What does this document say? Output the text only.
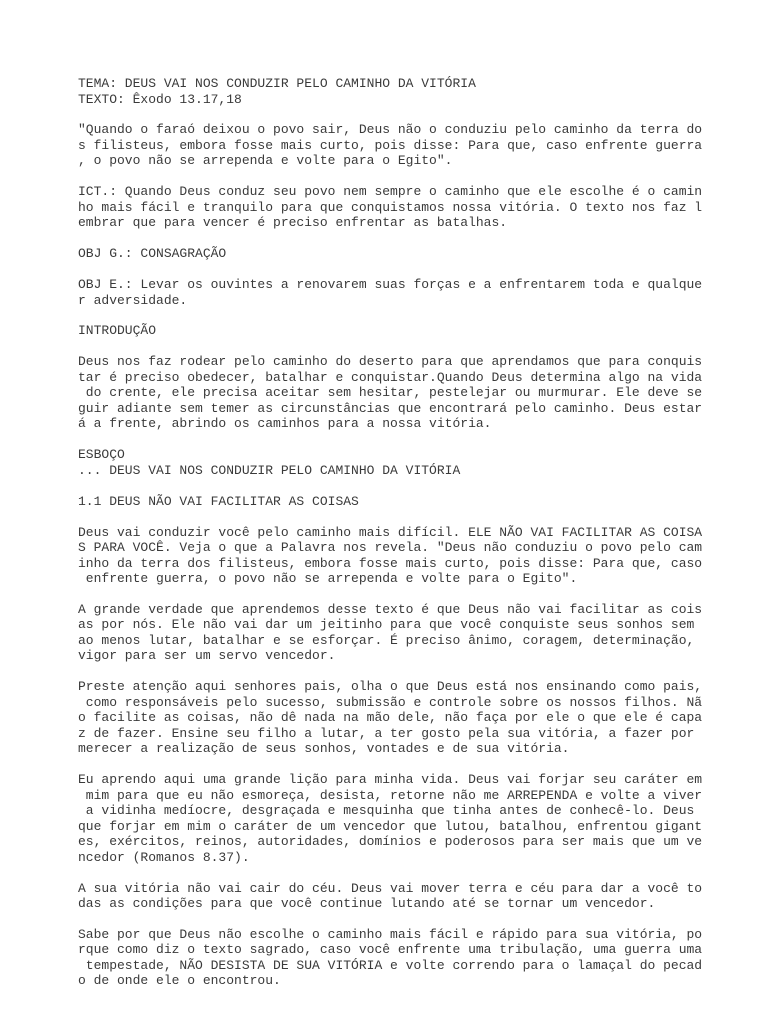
TEMA: DEUS VAI NOS CONDUZIR PELO CAMINHO DA VITÓRIA
TEXTO: Êxodo 13.17,18
"Quando o faraó deixou o povo sair, Deus não o conduziu pelo caminho da terra do
s filisteus, embora fosse mais curto, pois disse: Para que, caso enfrente guerra
, o povo não se arrependa e volte para o Egito".
ICT.: Quando Deus conduz seu povo nem sempre o caminho que ele escolhe é o camin
ho mais fácil e tranquilo para que conquistamos nossa vitória. O texto nos faz l
embrar que para vencer é preciso enfrentar as batalhas.
OBJ G.: CONSAGRAÇÃO
OBJ E.: Levar os ouvintes a renovarem suas forças e a enfrentarem toda e qualque
r adversidade.
INTRODUÇÃO
Deus nos faz rodear pelo caminho do deserto para que aprendamos que para conquis
tar é preciso obedecer, batalhar e conquistar.Quando Deus determina algo na vida
do crente, ele precisa aceitar sem hesitar, pestelejar ou murmurar. Ele deve se
guir adiante sem temer as circunstâncias que encontrará pelo caminho. Deus estar
á a frente, abrindo os caminhos para a nossa vitória.
ESBOÇO
... DEUS VAI NOS CONDUZIR PELO CAMINHO DA VITÓRIA
1.1 DEUS NÃO VAI FACILITAR AS COISAS
Deus vai conduzir você pelo caminho mais difícil. ELE NÃO VAI FACILITAR AS COISA
S PARA VOCÊ. Veja o que a Palavra nos revela. "Deus não conduziu o povo pelo cam
inho da terra dos filisteus, embora fosse mais curto, pois disse: Para que, caso
enfrente guerra, o povo não se arrependa e volte para o Egito".
A grande verdade que aprendemos desse texto é que Deus não vai facilitar as cois
as por nós. Ele não vai dar um jeitinho para que você conquiste seus sonhos sem
ao menos lutar, batalhar e se esforçar. É preciso ânimo, coragem, determinação,
vigor para ser um servo vencedor.
Preste atenção aqui senhores pais, olha o que Deus está nos ensinando como pais,
como responsáveis pelo sucesso, submissão e controle sobre os nossos filhos. Nã
o facilite as coisas, não dê nada na mão dele, não faça por ele o que ele é capa
z de fazer. Ensine seu filho a lutar, a ter gosto pela sua vitória, a fazer por
merecer a realização de seus sonhos, vontades e de sua vitória.
Eu aprendo aqui uma grande lição para minha vida. Deus vai forjar seu caráter em
mim para que eu não esmoreça, desista, retorne não me ARREPENDA e volte a viver
a vidinha medíocre, desgraçada e mesquinha que tinha antes de conhecê-lo. Deus
que forjar em mim o caráter de um vencedor que lutou, batalhou, enfrentou gigant
es, exércitos, reinos, autoridades, domínios e poderosos para ser mais que um ve
ncedor (Romanos 8.37).
A sua vitória não vai cair do céu. Deus vai mover terra e céu para dar a você to
das as condições para que você continue lutando até se tornar um vencedor.
Sabe por que Deus não escolhe o caminho mais fácil e rápido para sua vitória, po
rque como diz o texto sagrado, caso você enfrente uma tribulação, uma guerra uma
tempestade, NÃO DESISTA DE SUA VITÓRIA e volte correndo para o lamaçal do pecad
o de onde ele o encontrou.
